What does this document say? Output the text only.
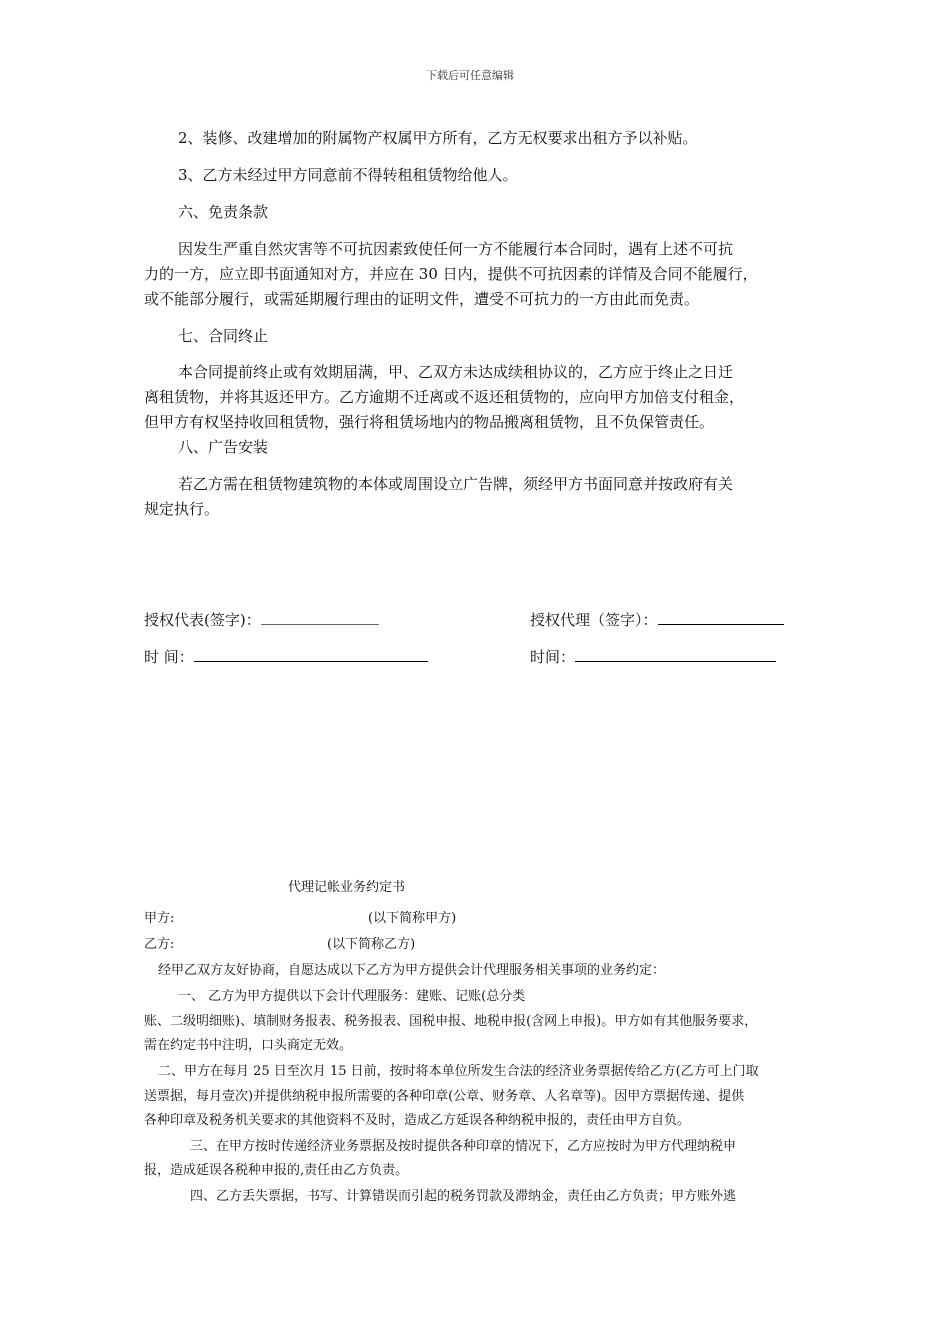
下载后可任意编辑
2、装修、改建增加的附属物产权属甲方所有，乙方无权要求出租方予以补贴。
3、乙方未经过甲方同意前不得转租租赁物给他人。
六、免责条款
因发生严重自然灾害等不可抗因素致使任何一方不能履行本合同时，遇有上述不可抗
力的一方，应立即书面通知对方，并应在 30 日内，提供不可抗因素的详情及合同不能履行，
或不能部分履行，或需延期履行理由的证明文件，遭受不可抗力的一方由此而免责。
七、合同终止
本合同提前终止或有效期届满，甲、乙双方未达成续租协议的，乙方应于终止之日迁
离租赁物，并将其返还甲方。乙方逾期不迁离或不返还租赁物的，应向甲方加倍支付租金，
但甲方有权坚持收回租赁物，强行将租赁场地内的物品搬离租赁物，且不负保管责任。
八、广告安装
若乙方需在租赁物建筑物的本体或周围设立广告牌，须经甲方书面同意并按政府有关
规定执行。
授权代表(签字)：	授权代理（签字）：
时 间：	时间：
代理记帐业务约定书
甲方:	(以下简称甲方)
乙方:	(以下简称乙方)
经甲乙双方友好协商，自愿达成以下乙方为甲方提供会计代理服务相关事项的业务约定：
一、 乙方为甲方提供以下会计代理服务：建账、记账(总分类
账、二级明细账)、填制财务报表、税务报表、国税申报、地税申报(含网上申报)。甲方如有其他服务要求，
需在约定书中注明，口头商定无效。
二、甲方在每月 25 日至次月 15 日前，按时将本单位所发生合法的经济业务票据传给乙方(乙方可上门取
送票据，每月壹次)并提供纳税申报所需要的各种印章(公章、财务章、人名章等)。因甲方票据传递、提供
各种印章及税务机关要求的其他资料不及时，造成乙方延误各种纳税申报的，责任由甲方自负。
三、在甲方按时传递经济业务票据及按时提供各种印章的情况下，乙方应按时为甲方代理纳税申
报，造成延误各税种申报的,责任由乙方负责。
四、乙方丢失票据，书写、计算错误而引起的税务罚款及滞纳金，责任由乙方负责；甲方账外逃
